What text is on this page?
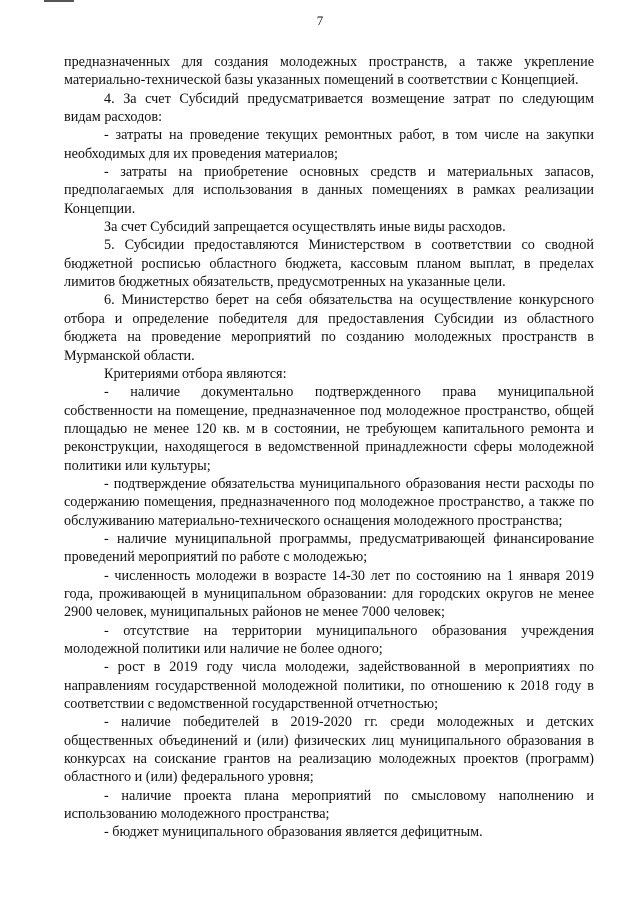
7

предназначенных для создания молодежных пространств, а также укрепление материально-технической базы указанных помещений в соответствии с Концепцией.

4. За счет Субсидий предусматривается возмещение затрат по следующим видам расходов:

- затраты на проведение текущих ремонтных работ, в том числе на закупки необходимых для их проведения материалов;

- затраты на приобретение основных средств и материальных запасов, предполагаемых для использования в данных помещениях в рамках реализации Концепции.

За счет Субсидий запрещается осуществлять иные виды расходов.

5. Субсидии предоставляются Министерством в соответствии со сводной бюджетной росписью областного бюджета, кассовым планом выплат, в пределах лимитов бюджетных обязательств, предусмотренных на указанные цели.

6. Министерство берет на себя обязательства на осуществление конкурсного отбора и определение победителя для предоставления Субсидии из областного бюджета на проведение мероприятий по созданию молодежных пространств в Мурманской области.

Критериями отбора являются:

- наличие документально подтвержденного права муниципальной собственности на помещение, предназначенное под молодежное пространство, общей площадью не менее 120 кв. м в состоянии, не требующем капитального ремонта и реконструкции, находящегося в ведомственной принадлежности сферы молодежной политики или культуры;

- подтверждение обязательства муниципального образования нести расходы по содержанию помещения, предназначенного под молодежное пространство, а также по обслуживанию материально-технического оснащения молодежного пространства;

- наличие муниципальной программы, предусматривающей финансирование проведений мероприятий по работе с молодежью;

- численность молодежи в возрасте 14-30 лет по состоянию на 1 января 2019 года, проживающей в муниципальном образовании: для городских округов не менее 2900 человек, муниципальных районов не менее 7000 человек;

- отсутствие на территории муниципального образования учреждения молодежной политики или наличие не более одного;

- рост в 2019 году числа молодежи, задействованной в мероприятиях по направлениям государственной молодежной политики, по отношению к 2018 году в соответствии с ведомственной государственной отчетностью;

- наличие победителей в 2019-2020 гг. среди молодежных и детских общественных объединений и (или) физических лиц муниципального образования в конкурсах на соискание грантов на реализацию молодежных проектов (программ) областного и (или) федерального уровня;

- наличие проекта плана мероприятий по смысловому наполнению и использованию молодежного пространства;

- бюджет муниципального образования является дефицитным.
